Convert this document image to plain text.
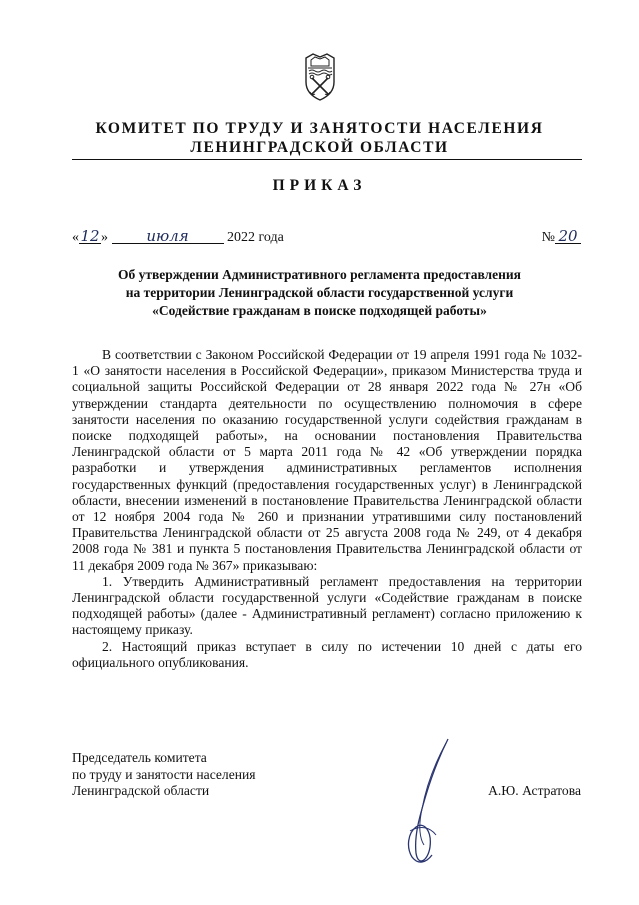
КОМИТЕТ ПО ТРУДУ И ЗАНЯТОСТИ НАСЕЛЕНИЯ
ЛЕНИНГРАДСКОЙ ОБЛАСТИ
ПРИКАЗ
«12»	июля	2022 года	№ 20
Об утверждении Административного регламента предоставления
на территории Ленинградской области государственной услуги
«Содействие гражданам в поиске подходящей работы»

В соответствии с Законом Российской Федерации от 19 апреля 1991 года № 1032-1 «О занятости населения в Российской Федерации», приказом Министерства труда и социальной защиты Российской Федерации от 28 января 2022 года № 27н «Об утверждении стандарта деятельности по осуществлению полномочия в сфере занятости населения по оказанию государственной услуги содействия гражданам в поиске подходящей работы», на основании постановления Правительства Ленинградской области от 5 марта 2011 года № 42 «Об утверждении порядка разработки и утверждения административных регламентов исполнения государственных функций (предоставления государственных услуг) в Ленинградской области, внесении изменений в постановление Правительства Ленинградской области от 12 ноября 2004 года № 260 и признании утратившими силу постановлений Правительства Ленинградской области от 25 августа 2008 года № 249, от 4 декабря 2008 года № 381 и пункта 5 постановления Правительства Ленинградской области от 11 декабря 2009 года № 367» приказываю:

1. Утвердить Административный регламент предоставления на территории Ленинградской области государственной услуги «Содействие гражданам в поиске подходящей работы» (далее - Административный регламент) согласно приложению к настоящему приказу.

2. Настоящий приказ вступает в силу по истечении 10 дней с даты его официального опубликования.

Председатель комитета
по труду и занятости населения
Ленинградской области	А.Ю. Астратова
